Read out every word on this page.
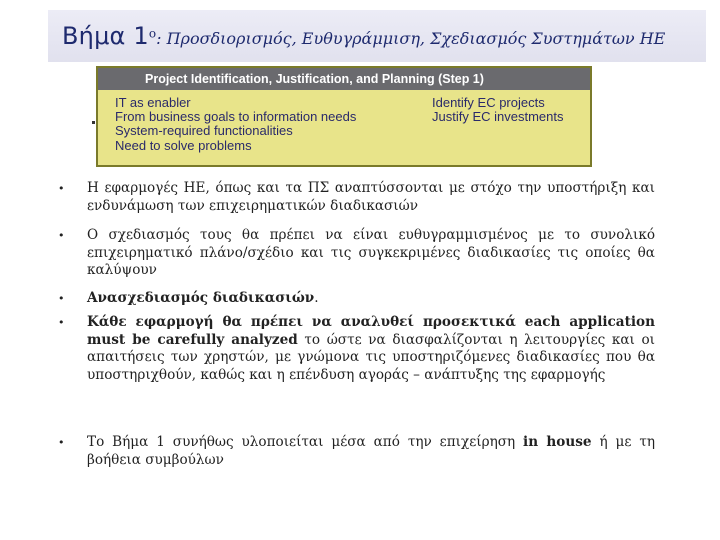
Βήμα $1^o$: Προσδιορισμός, Ευθυγράμμιση, Σχεδιασμός Συστημάτων ΗΕ
Project Identification, Justification, and Planning (Step 1)
IT as enabler
From business goals to information needs
System-required functionalities
Need to solve problems
Identify EC projects
Justify EC investments
• Η εφαρμογές ΗΕ, όπως και τα ΠΣ αναπτύσσονται με στόχο την υποστήριξη και ενδυνάμωση των επιχειρηματικών διαδικασιών
• Ο σχεδιασμός τους θα πρέπει να είναι ευθυγραμμισμένος με το συνολικό επιχειρηματικό πλάνο/σχέδιο και τις συγκεκριμένες διαδικασίες τις οποίες θα καλύψουν
• Ανασχεδιασμός διαδικασιών.
• Κάθε εφαρμογή θα πρέπει να αναλυθεί προσεκτικά each application must be carefully analyzed το ώστε να διασφαλίζονται η λειτουργίες και οι απαιτήσεις των χρηστών, με γνώμονα τις υποστηριζόμενες διαδικασίες που θα υποστηριχθούν, καθώς και η επένδυση αγοράς – ανάπτυξης της εφαρμογής
• Το Βήμα 1 συνήθως υλοποιείται μέσα από την επιχείρηση in house ή με τη βοήθεια συμβούλων
